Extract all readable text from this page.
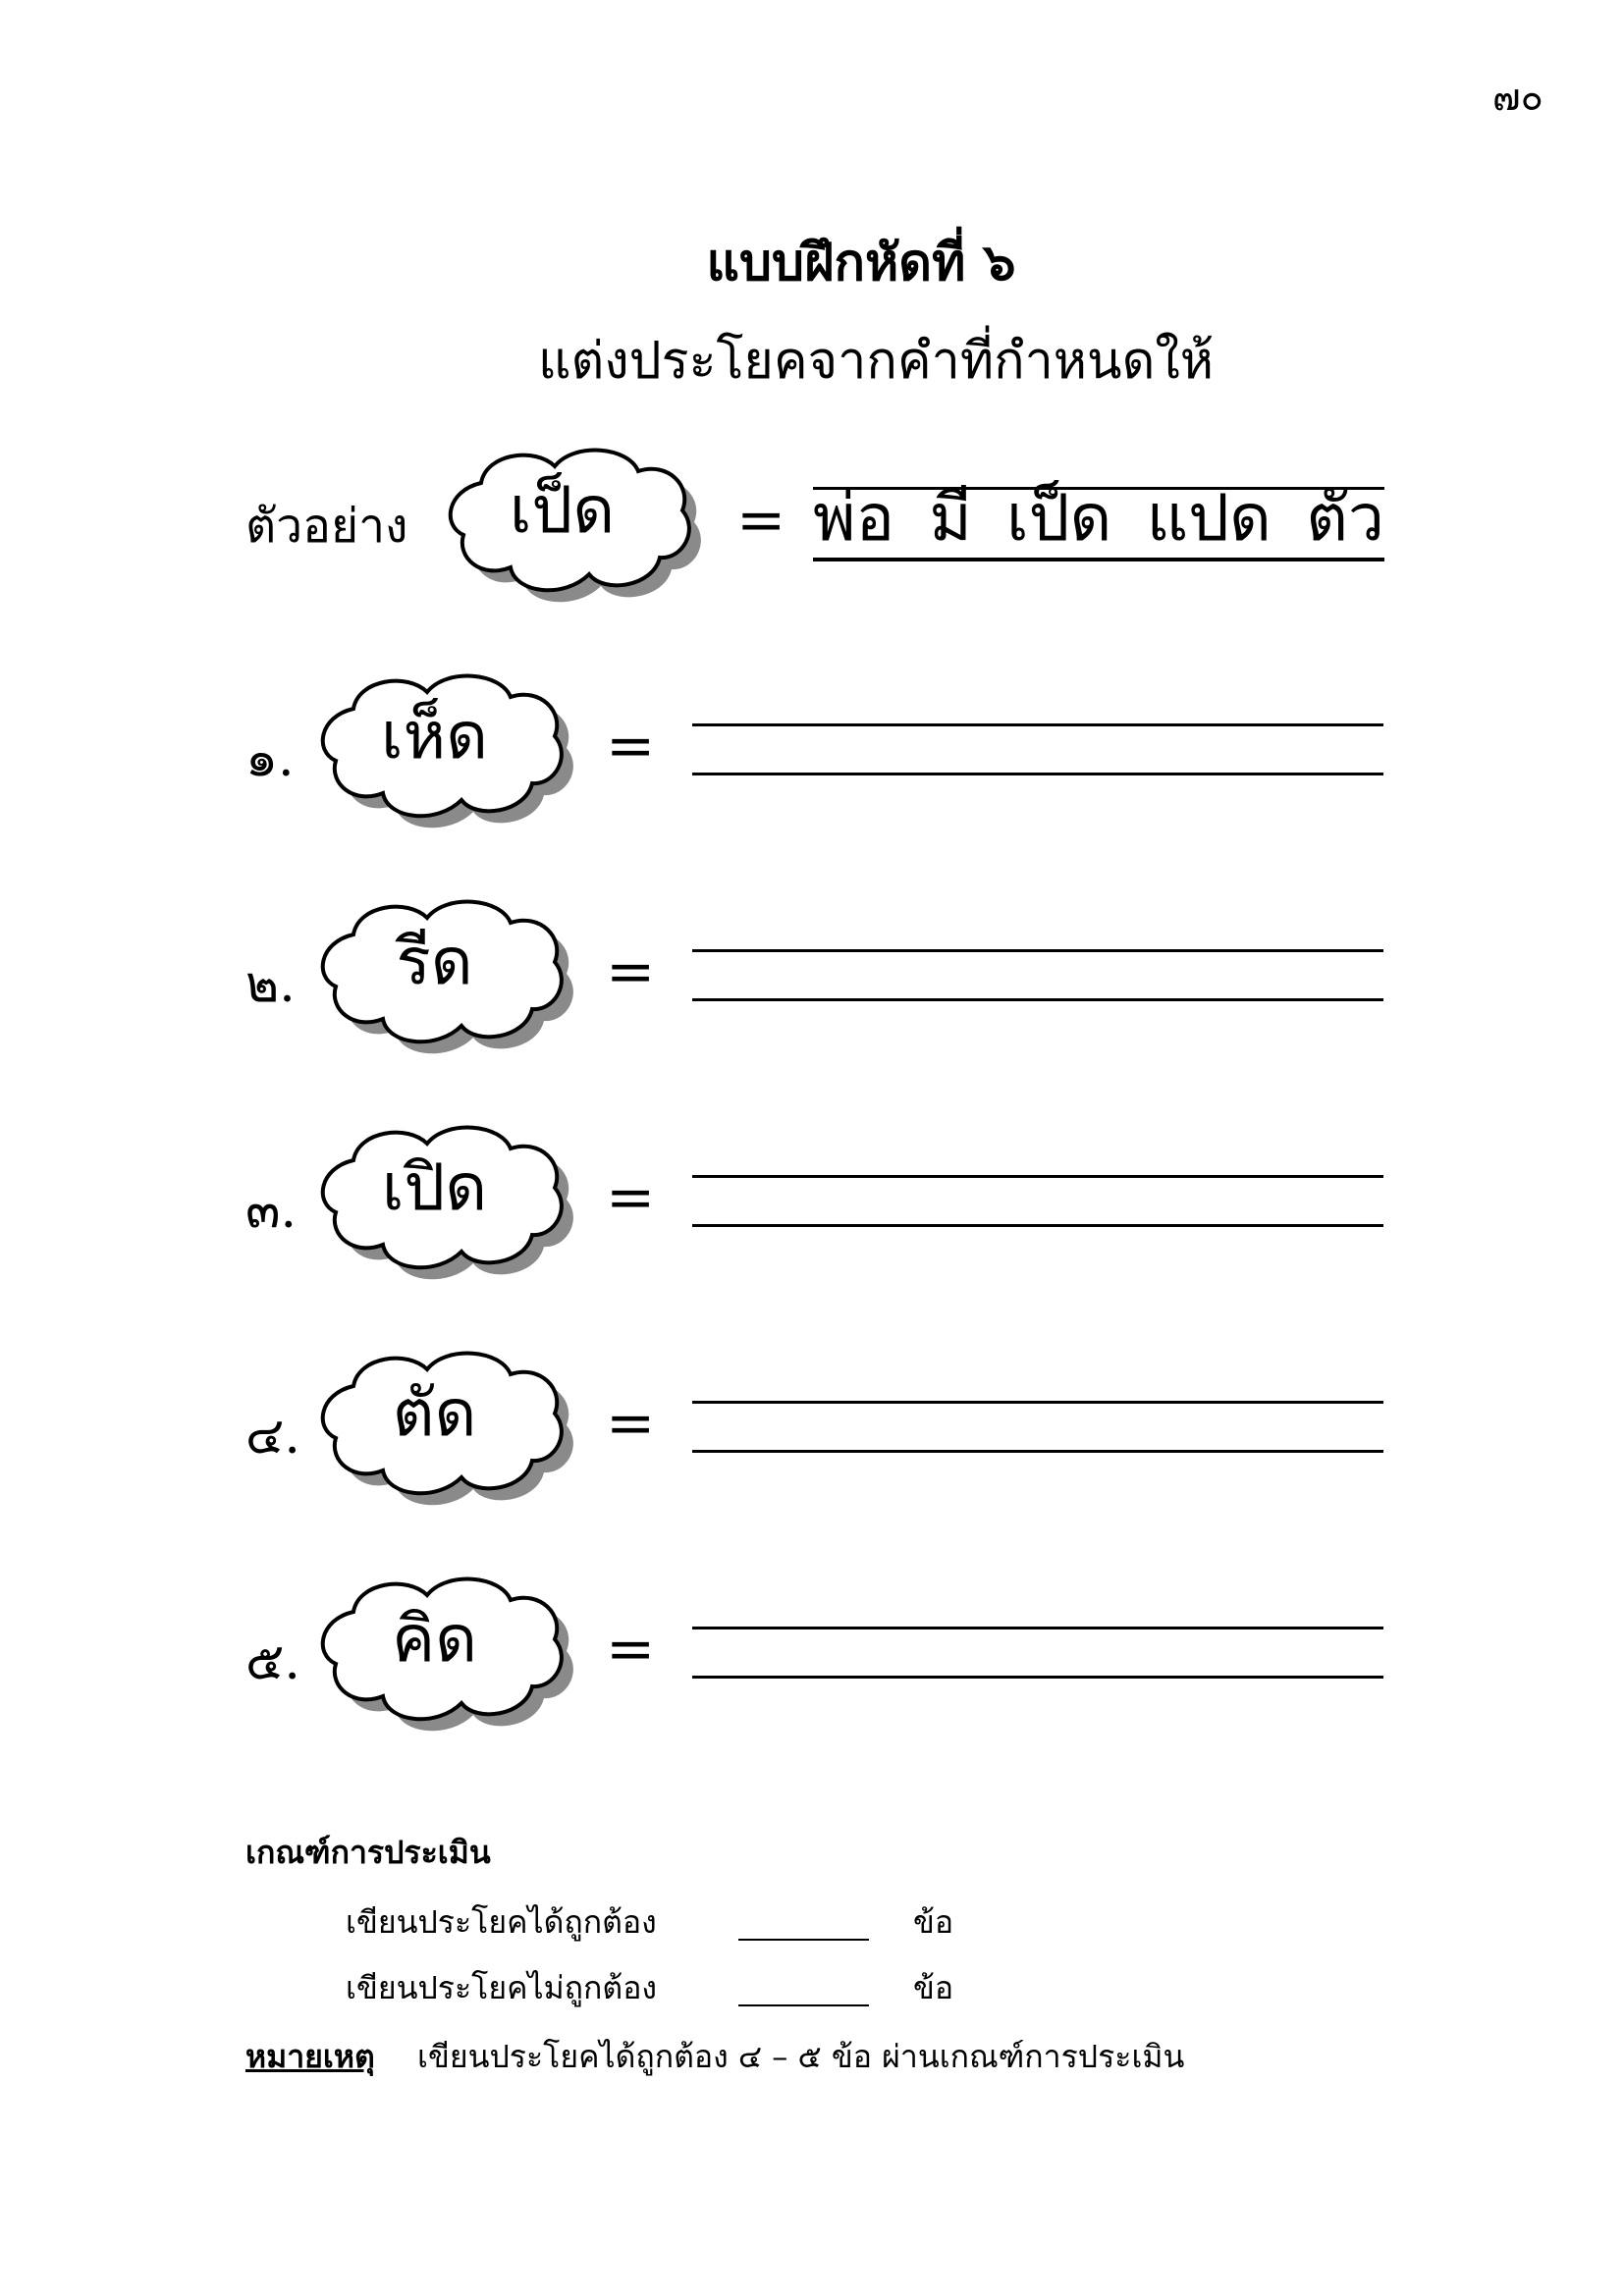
๗๐
แบบฝึกหัดที่ ๖
แต่งประโยคจากคำที่กำหนดให้
ตัวอย่าง	เป็ด	= พ่อ มี เป็ด แปด ตัว
๑.	เห็ด	=
๒.	รีด	=
๓.	เปิด	=
๔.	ตัด	=
๕.	คิด	=
เกณฑ์การประเมิน
เขียนประโยคได้ถูกต้อง	ข้อ
เขียนประโยคไม่ถูกต้อง	ข้อ
หมายเหตุ เขียนประโยคได้ถูกต้อง ๔ – ๕ ข้อ ผ่านเกณฑ์การประเมิน
